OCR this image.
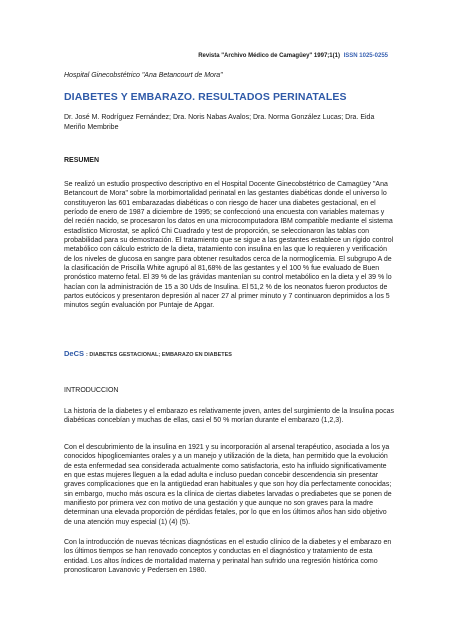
Revista "Archivo Médico de Camagüey" 1997;1(1) ISSN 1025-0255
Hospital Ginecobstétrico "Ana Betancourt de Mora"
DIABETES Y EMBARAZO. RESULTADOS PERINATALES
Dr. José M. Rodríguez Fernández; Dra. Noris Nabas Avalos; Dra. Norma González Lucas; Dra. Eida Meriño Membribe
RESUMEN
Se realizó un estudio prospectivo descriptivo en el Hospital Docente Ginecobstétrico de Camagüey "Ana Betancourt de Mora" sobre la morbimortalidad perinatal en las gestantes diabéticas donde el universo lo constituyeron las 601 embarazadas diabéticas o con riesgo de hacer una diabetes gestacional, en el período de enero de 1987 a diciembre de 1995; se confeccionó una encuesta con variables maternas y del recién nacido, se procesaron los datos en una microcomputadora IBM compatible mediante el sistema estadístico Microstat, se aplicó Chi Cuadrado y test de proporción, se seleccionaron las tablas con probabilidad para su demostración. El tratamiento que se sigue a las gestantes establece un rígido control metabólico con cálculo estricto de la dieta, tratamiento con insulina en las que lo requieren y verificación de los niveles de glucosa en sangre para obtener resultados cerca de la normoglicemia. El subgrupo A de la clasificación de Priscilla White agrupó al 81,68% de las gestantes y el 100 % fue evaluado de Buen pronóstico materno fetal. El 39 % de las grávidas mantenían su control metabólico en la dieta y el 39 % lo hacían con la administración de 15 a 30 Uds de Insulina. El 51,2 % de los neonatos fueron productos de partos eutócicos y presentaron depresión al nacer 27 al primer minuto y 7 continuaron deprimidos a los 5 minutos según evaluación por Puntaje de Apgar.
DeCS : DIABETES GESTACIONAL; EMBARAZO EN DIABETES
INTRODUCCION
La historia de la diabetes y el embarazo es relativamente joven, antes del surgimiento de la Insulina pocas diabéticas concebían y muchas de ellas, casi el 50 % morían durante el embarazo (1,2,3).
Con el descubrimiento de la insulina en 1921 y su incorporación al arsenal terapéutico, asociada a los ya conocidos hipoglicemiantes orales y a un manejo y utilización de la dieta, han permitido que la evolución de esta enfermedad sea considerada actualmente como satisfactoria, esto ha influido significativamente en que estas mujeres lleguen a la edad adulta e incluso puedan concebir descendencia sin presentar graves complicaciones que en la antigüedad eran habituales y que son hoy día perfectamente conocidas; sin embargo, mucho más oscura es la clínica de ciertas diabetes larvadas o prediabetes que se ponen de manifiesto por primera vez con motivo de una gestación y que aunque no son graves para la madre determinan una elevada proporción de pérdidas fetales, por lo que en los últimos años han sido objetivo de una atención muy especial (1) (4) (5).
Con la introducción de nuevas técnicas diagnósticas en el estudio clínico de la diabetes y el embarazo en los últimos tiempos se han renovado conceptos y conductas en el diagnóstico y tratamiento de esta entidad. Los altos índices de mortalidad materna y perinatal han sufrido una regresión histórica como pronosticaron Lavanovic y Pedersen en 1980.
